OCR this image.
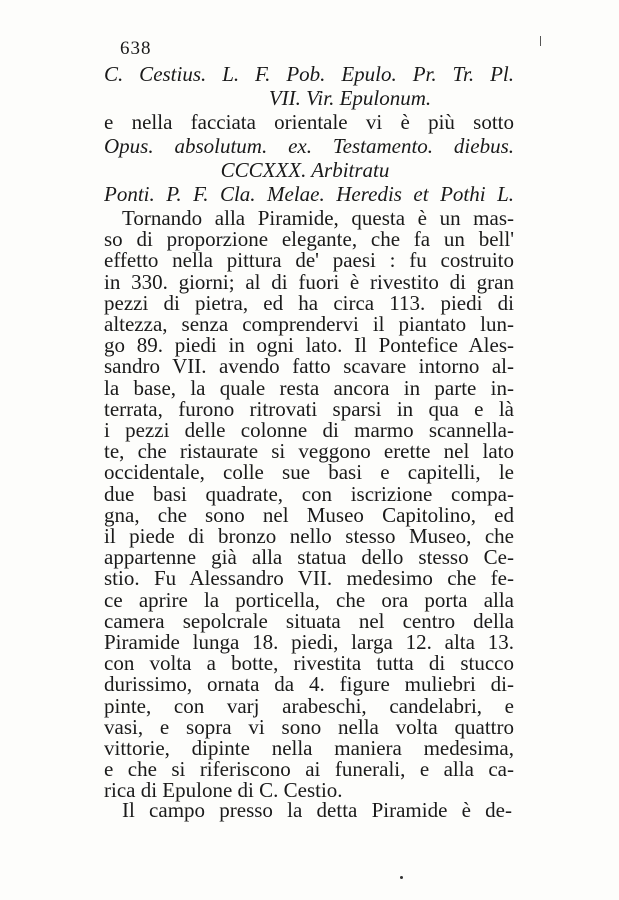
638
C. Cestius. L. F. Pob. Epulo. Pr. Tr. Pl.
VII. Vir. Epulonum.
e nella facciata orientale vi è più sotto
Opus. absolutum. ex. Testamento. diebus.
CCCXXX. Arbitratu
Ponti. P. F. Cla. Melae. Heredis et Pothi L.
Tornando alla Piramide, questa è un mas-
so di proporzione elegante, che fa un bell'
effetto nella pittura de' paesi : fu costruito
in 330. giorni; al di fuori è rivestito di gran
pezzi di pietra, ed ha circa 113. piedi di
altezza, senza comprendervi il piantato lun-
go 89. piedi in ogni lato. Il Pontefice Ales-
sandro VII. avendo fatto scavare intorno al-
la base, la quale resta ancora in parte in-
terrata, furono ritrovati sparsi in qua e là
i pezzi delle colonne di marmo scannella-
te, che ristaurate si veggono erette nel lato
occidentale, colle sue basi e capitelli, le
due basi quadrate, con iscrizione compa-
gna, che sono nel Museo Capitolino, ed
il piede di bronzo nello stesso Museo, che
appartenne già alla statua dello stesso Ce-
stio. Fu Alessandro VII. medesimo che fe-
ce aprire la porticella, che ora porta alla
camera sepolcrale situata nel centro della
Piramide lunga 18. piedi, larga 12. alta 13.
con volta a botte, rivestita tutta di stucco
durissimo, ornata da 4. figure muliebri di-
pinte, con varj arabeschi, candelabri, e
vasi, e sopra vi sono nella volta quattro
vittorie, dipinte nella maniera medesima,
e che si riferiscono ai funerali, e alla ca-
rica di Epulone di C. Cestio.
Il campo presso la detta Piramide è de-
